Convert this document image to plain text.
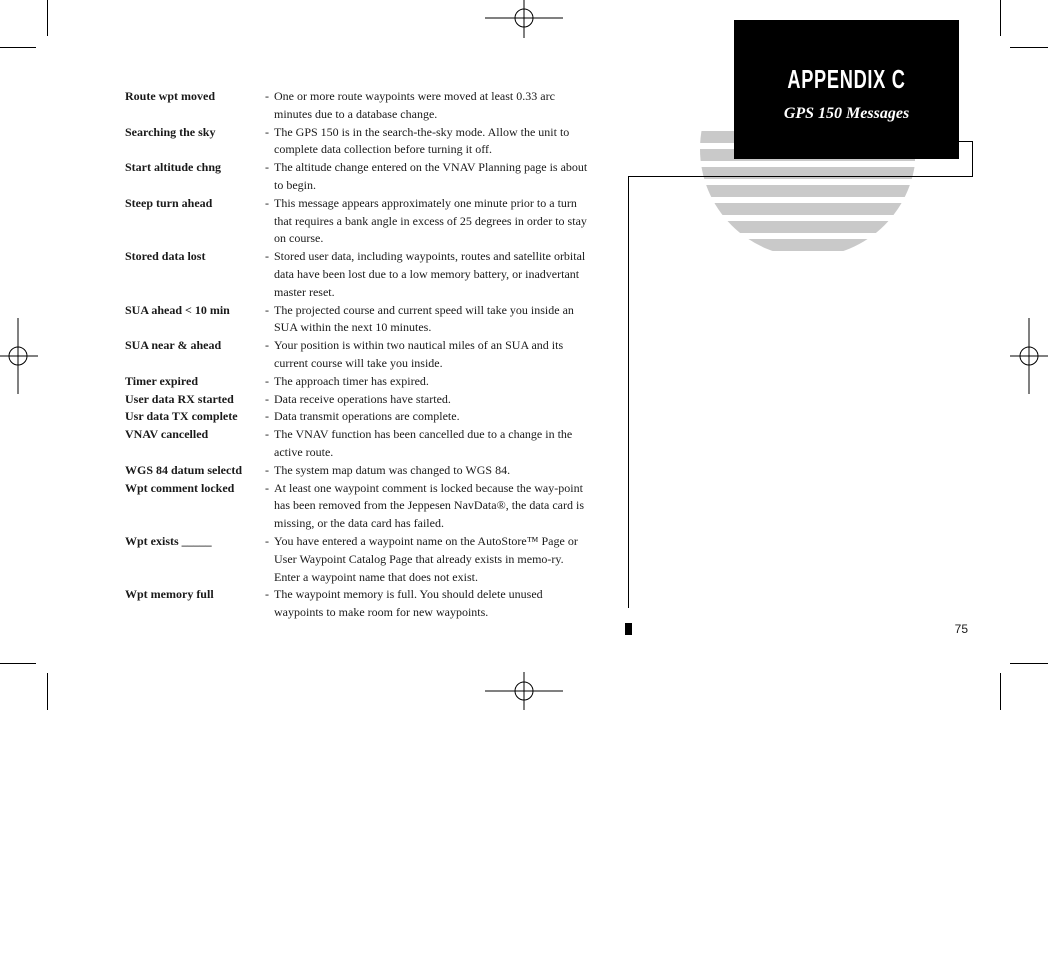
APPENDIX C
GPS 150 Messages
75
Route wpt moved	- One or more route waypoints were moved at least 0.33 arc minutes due to a database change.
Searching the sky	- The GPS 150 is in the search-the-sky mode. Allow the unit to complete data collection before turning it off.
Start altitude chng	- The altitude change entered on the VNAV Planning page is about to begin.
Steep turn ahead	- This message appears approximately one minute prior to a turn that requires a bank angle in excess of 25 degrees in order to stay on course.
Stored data lost	- Stored user data, including waypoints, routes and satellite orbital data have been lost due to a low memory battery, or inadvertant master reset.
SUA ahead < 10 min	- The projected course and current speed will take you inside an SUA within the next 10 minutes.
SUA near & ahead	- Your position is within two nautical miles of an SUA and its current course will take you inside.
Timer expired	- The approach timer has expired.
User data RX started	- Data receive operations have started.
Usr data TX complete	- Data transmit operations are complete.
VNAV cancelled	- The VNAV function has been cancelled due to a change in the active route.
WGS 84 datum selectd	- The system map datum was changed to WGS 84.
Wpt comment locked	- At least one waypoint comment is locked because the way-point has been removed from the Jeppesen NavData®, the data card is missing, or the data card has failed.
Wpt exists _____	- You have entered a waypoint name on the AutoStore™ Page or User Waypoint Catalog Page that already exists in memo-ry. Enter a waypoint name that does not exist.
Wpt memory full	- The waypoint memory is full. You should delete unused waypoints to make room for new waypoints.
